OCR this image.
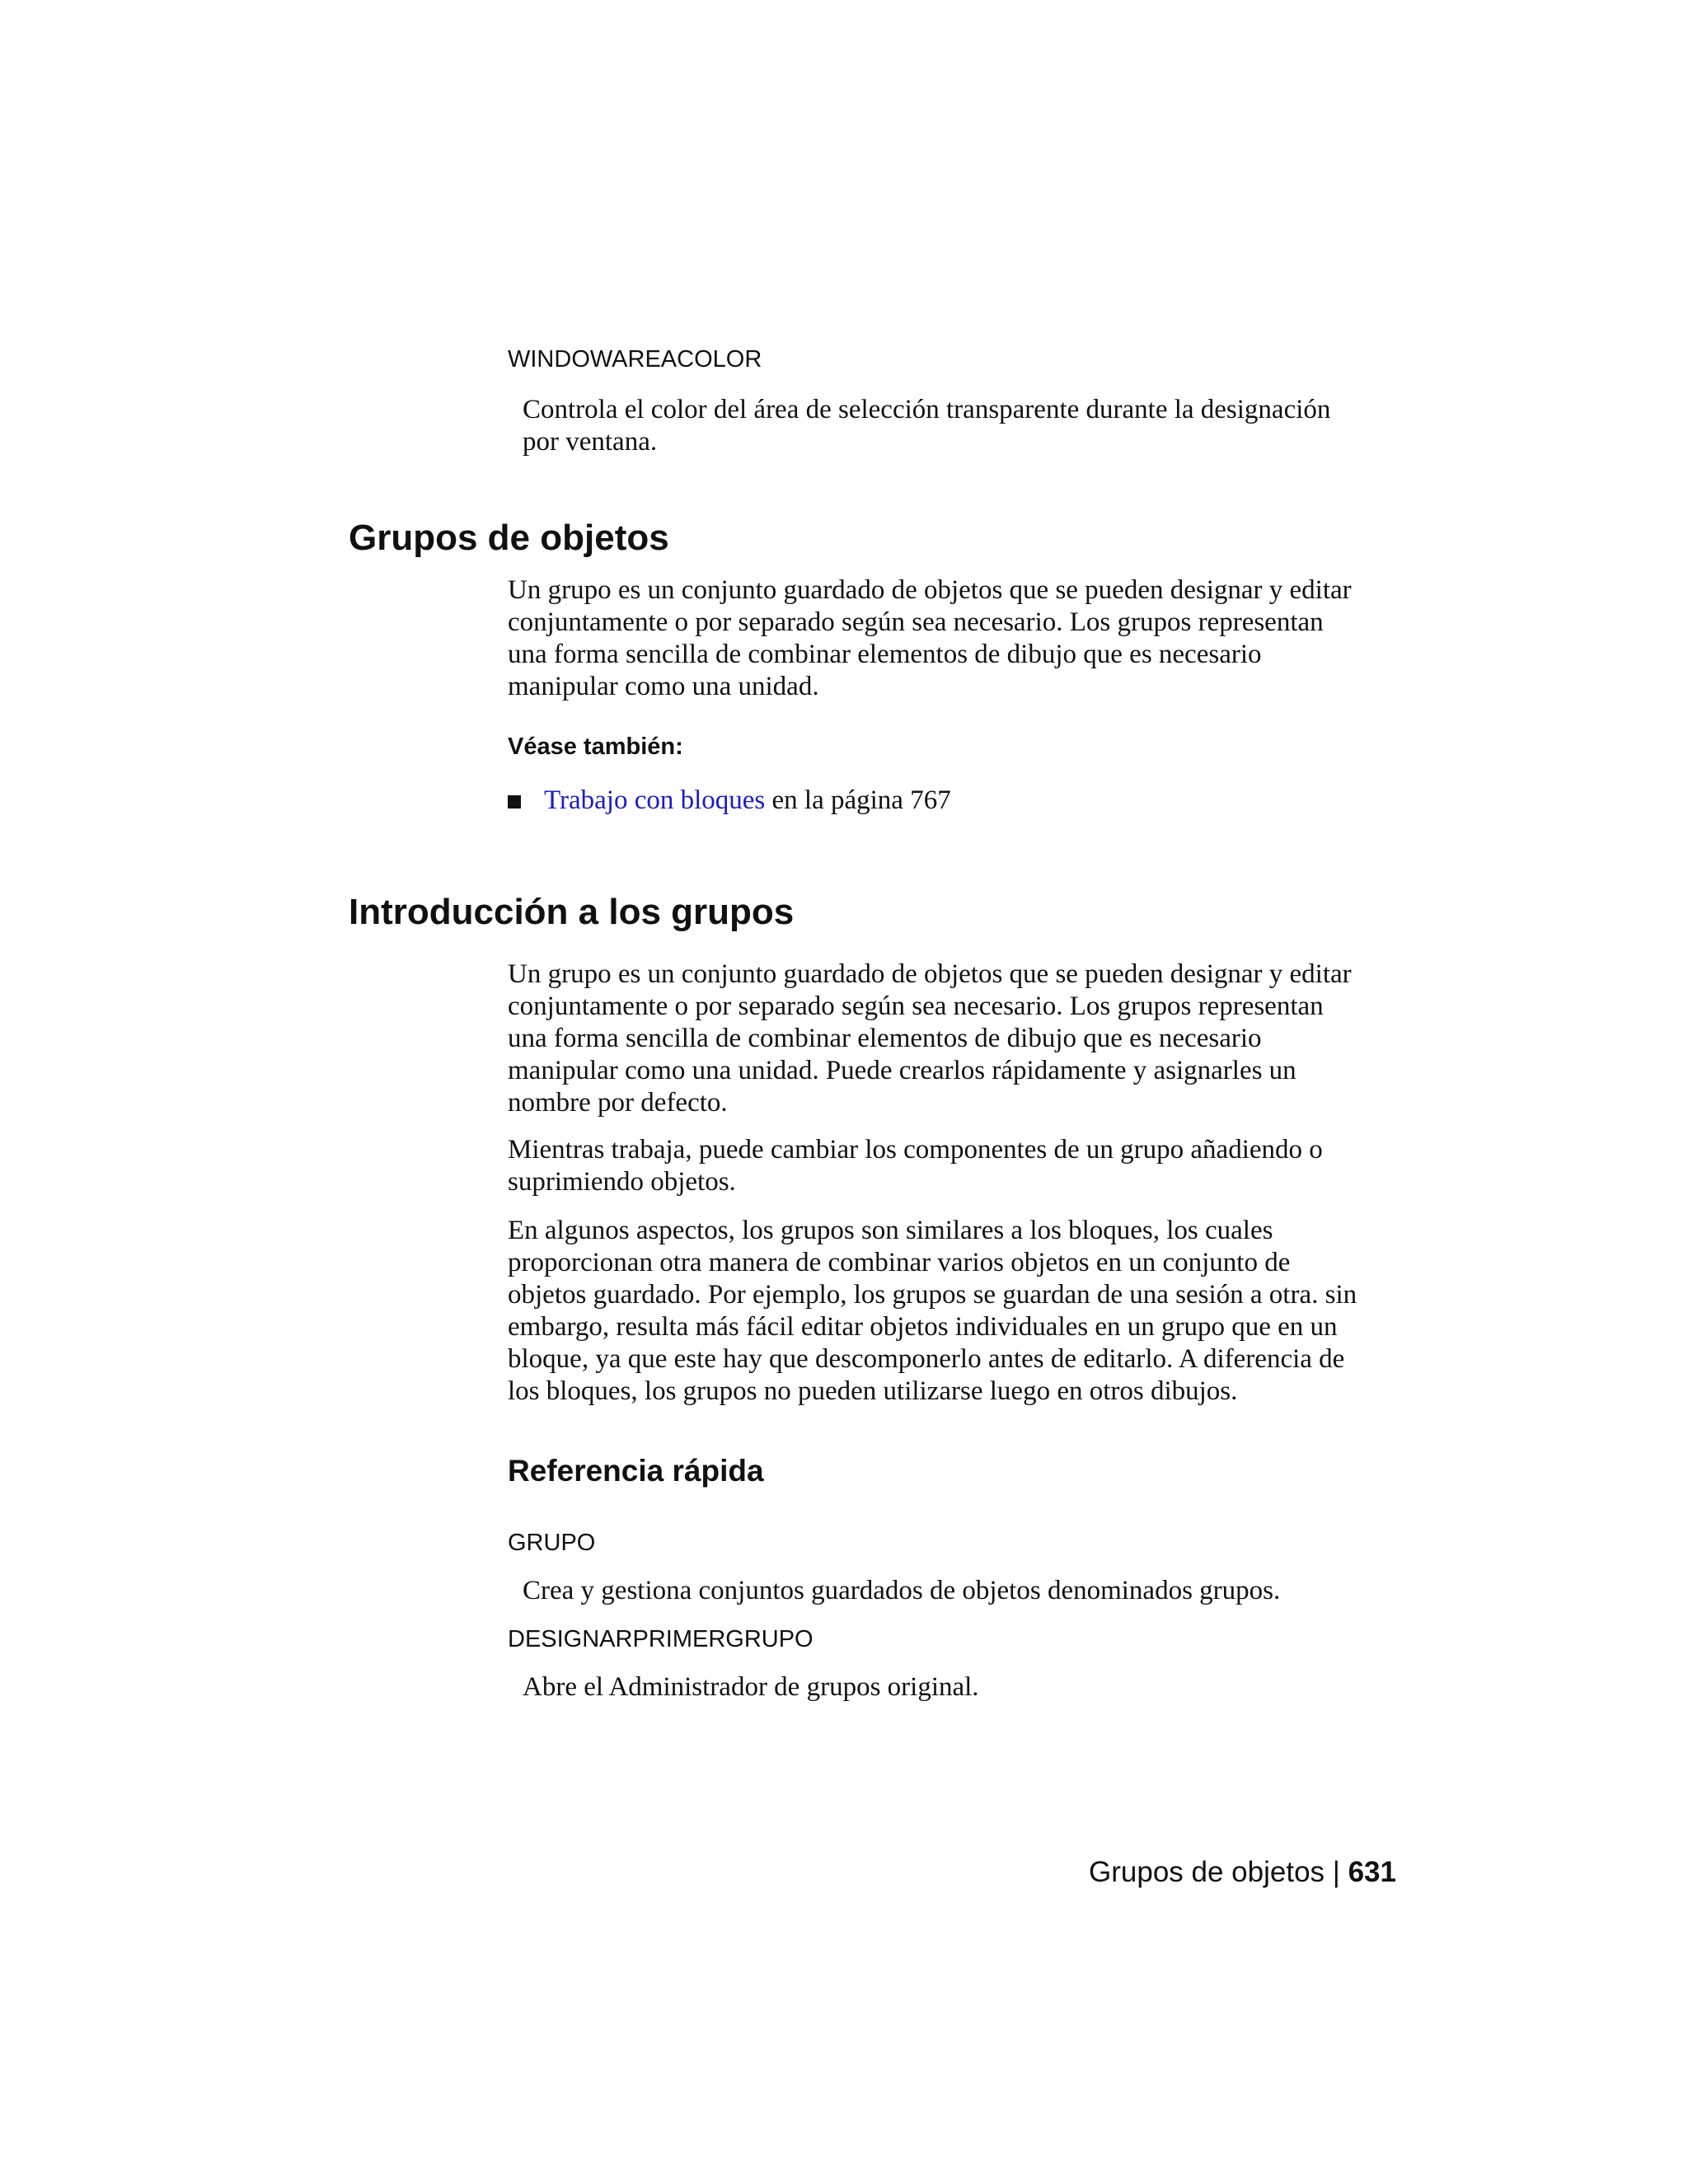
WINDOWAREACOLOR
Controla el color del área de selección transparente durante la designación
por ventana.
Grupos de objetos
Un grupo es un conjunto guardado de objetos que se pueden designar y editar
conjuntamente o por separado según sea necesario. Los grupos representan
una forma sencilla de combinar elementos de dibujo que es necesario
manipular como una unidad.
Véase también:
Trabajo con bloques en la página 767
Introducción a los grupos
Un grupo es un conjunto guardado de objetos que se pueden designar y editar
conjuntamente o por separado según sea necesario. Los grupos representan
una forma sencilla de combinar elementos de dibujo que es necesario
manipular como una unidad. Puede crearlos rápidamente y asignarles un
nombre por defecto.
Mientras trabaja, puede cambiar los componentes de un grupo añadiendo o
suprimiendo objetos.
En algunos aspectos, los grupos son similares a los bloques, los cuales
proporcionan otra manera de combinar varios objetos en un conjunto de
objetos guardado. Por ejemplo, los grupos se guardan de una sesión a otra. sin
embargo, resulta más fácil editar objetos individuales en un grupo que en un
bloque, ya que este hay que descomponerlo antes de editarlo. A diferencia de
los bloques, los grupos no pueden utilizarse luego en otros dibujos.
Referencia rápida
GRUPO
Crea y gestiona conjuntos guardados de objetos denominados grupos.
DESIGNARPRIMERGRUPO
Abre el Administrador de grupos original.
Grupos de objetos | 631
